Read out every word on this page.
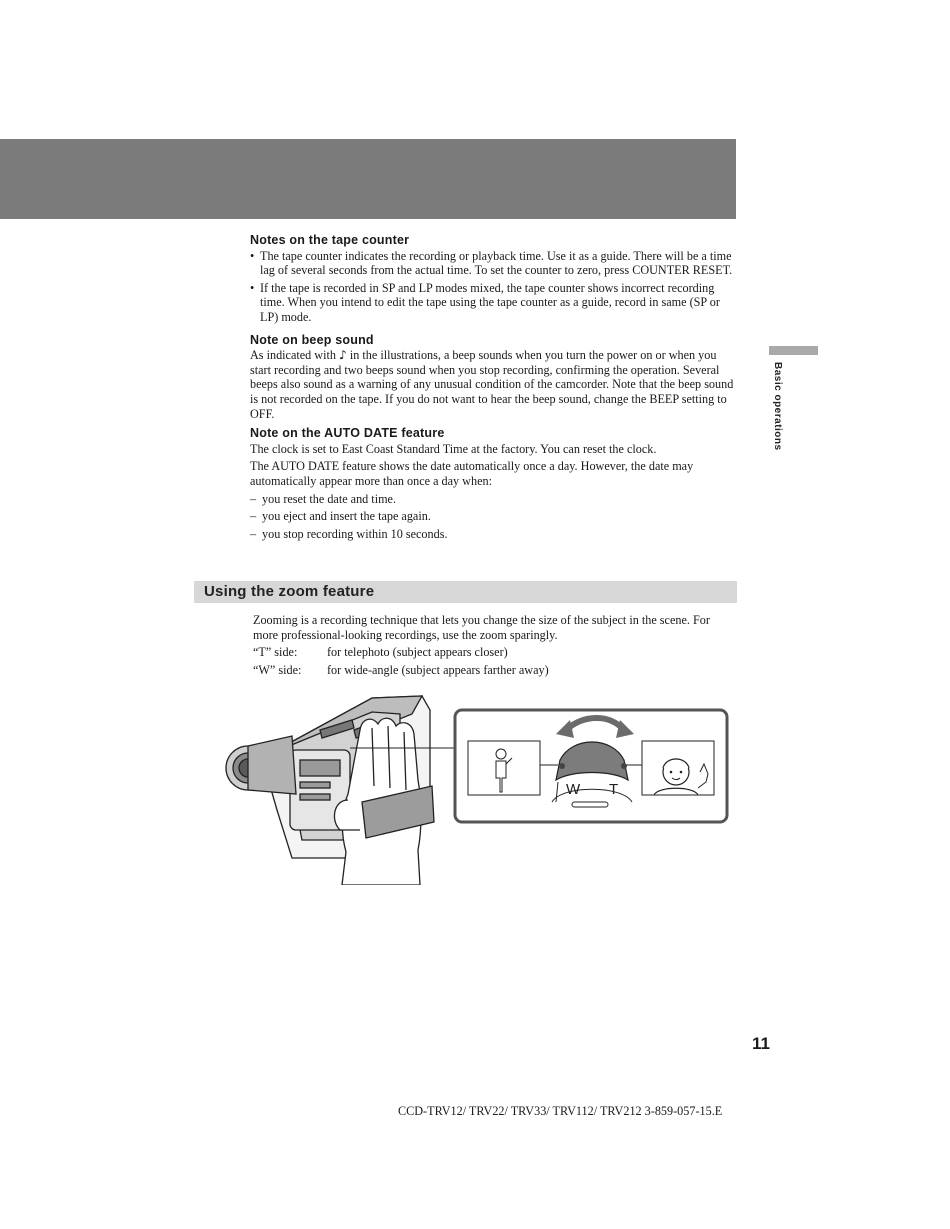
Basic operations
Notes on the tape counter
• The tape counter indicates the recording or playback time. Use it as a guide. There will be a time lag of several seconds from the actual time. To set the counter to zero, press COUNTER RESET.
• If the tape is recorded in SP and LP modes mixed, the tape counter shows incorrect recording time. When you intend to edit the tape using the tape counter as a guide, record in same (SP or LP) mode.
Note on beep sound

As indicated with ♪ in the illustrations, a beep sounds when you turn the power on or when you start recording and two beeps sound when you stop recording, confirming the operation. Several beeps also sound as a warning of any unusual condition of the camcorder. Note that the beep sound is not recorded on the tape. If you do not want to hear the beep sound, change the BEEP setting to OFF.

Note on the AUTO DATE feature

The clock is set to East Coast Standard Time at the factory. You can reset the clock.

The AUTO DATE feature shows the date automatically once a day. However, the date may automatically appear more than once a day when:

– you reset the date and time.
– you eject and insert the tape again.
– you stop recording within 10 seconds.
Using the zoom feature

Zooming is a recording technique that lets you change the size of the subject in the scene. For more professional-looking recordings, use the zoom sparingly.

“T” side:	for telephoto (subject appears closer)
“W” side:	for wide-angle (subject appears farther away)
W T
11
CCD-TRV12/ TRV22/ TRV33/ TRV112/ TRV212 3-859-057-15.E
